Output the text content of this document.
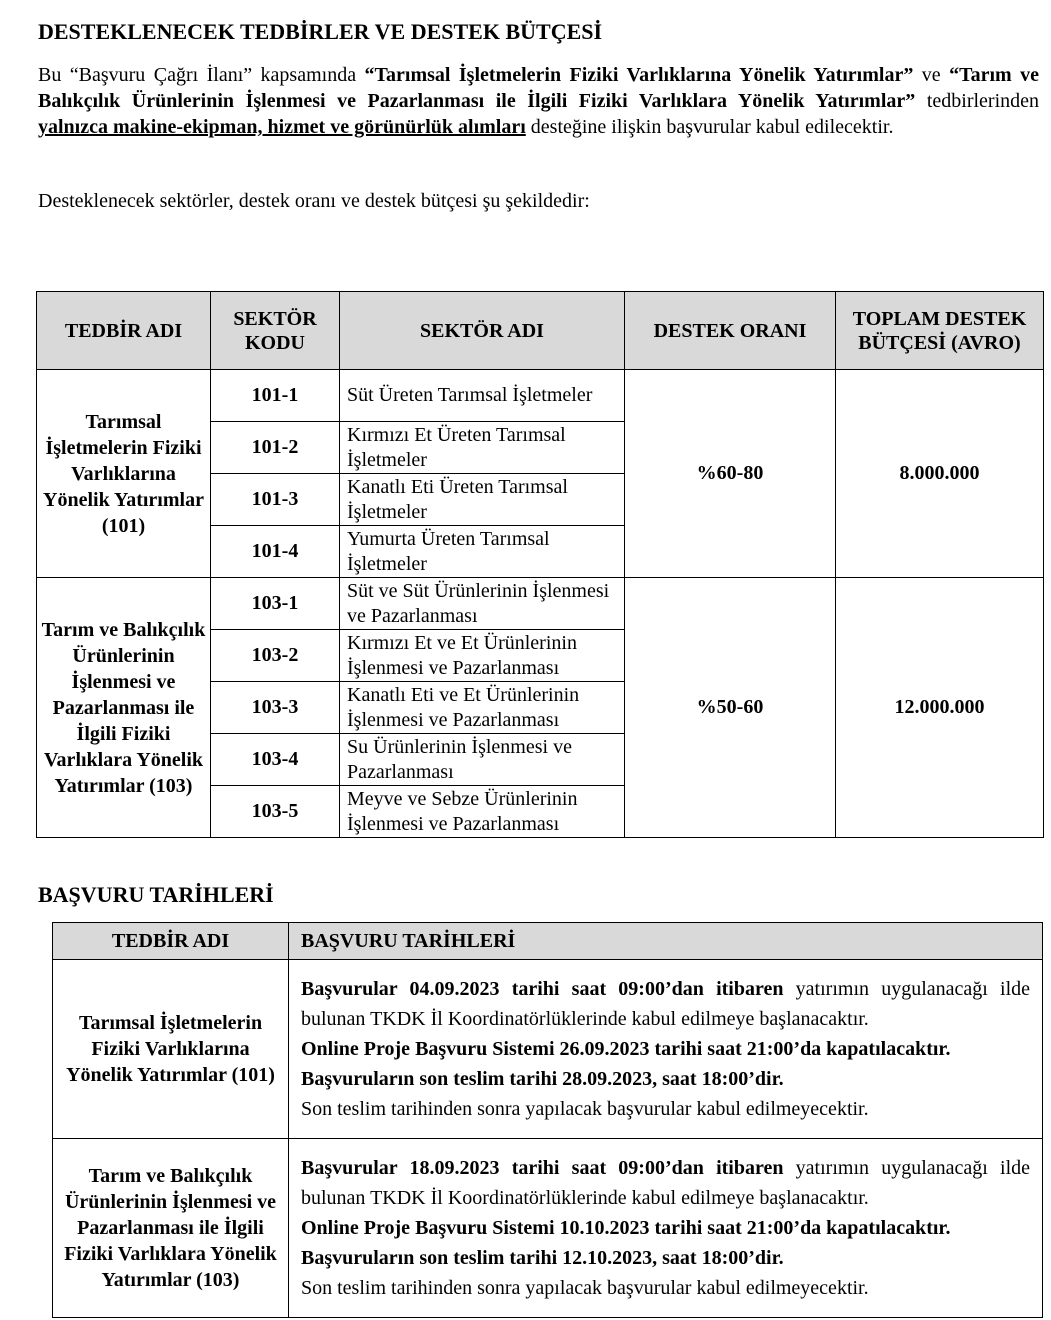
DESTEKLENECEK TEDBİRLER VE DESTEK BÜTÇESİ

Bu “Başvuru Çağrı İlanı” kapsamında “Tarımsal İşletmelerin Fiziki Varlıklarına Yönelik Yatırımlar” ve “Tarım ve Balıkçılık Ürünlerinin İşlenmesi ve Pazarlanması ile İlgili Fiziki Varlıklara Yönelik Yatırımlar” tedbirlerinden yalnızca makine-ekipman, hizmet ve görünürlük alımları desteğine ilişkin başvurular kabul edilecektir.

Desteklenecek sektörler, destek oranı ve destek bütçesi şu şekildedir:

TEDBİR ADI	SEKTÖR KODU	SEKTÖR ADI	DESTEK ORANI	TOPLAM DESTEK BÜTÇESİ (AVRO)
Tarımsal İşletmelerin Fiziki Varlıklarına Yönelik Yatırımlar (101)	101-1	Süt Üreten Tarımsal İşletmeler	%60-80	8.000.000
	101-2	Kırmızı Et Üreten Tarımsal İşletmeler		
	101-3	Kanatlı Eti Üreten Tarımsal İşletmeler		
	101-4	Yumurta Üreten Tarımsal İşletmeler		
Tarım ve Balıkçılık Ürünlerinin İşlenmesi ve Pazarlanması ile İlgili Fiziki Varlıklara Yönelik Yatırımlar (103)	103-1	Süt ve Süt Ürünlerinin İşlenmesi ve Pazarlanması	%50-60	12.000.000
	103-2	Kırmızı Et ve Et Ürünlerinin İşlenmesi ve Pazarlanması		
	103-3	Kanatlı Eti ve Et Ürünlerinin İşlenmesi ve Pazarlanması		
	103-4	Su Ürünlerinin İşlenmesi ve Pazarlanması		
	103-5	Meyve ve Sebze Ürünlerinin İşlenmesi ve Pazarlanması		
BAŞVURU TARİHLERİ
TEDBİR ADI	BAŞVURU TARİHLERİ
Tarımsal İşletmelerin Fiziki Varlıklarına Yönelik Yatırımlar (101)	Başvurular 04.09.2023 tarihi saat 09:00’dan itibaren yatırımın uygulanacağı ilde bulunan TKDK İl Koordinatörlüklerinde kabul edilmeye başlanacaktır.
Online Proje Başvuru Sistemi 26.09.2023 tarihi saat 21:00’da kapatılacaktır.
Başvuruların son teslim tarihi 28.09.2023, saat 18:00’dir.
Son teslim tarihinden sonra yapılacak başvurular kabul edilmeyecektir.

Tarım ve Balıkçılık Ürünlerinin İşlenmesi ve Pazarlanması ile İlgili Fiziki Varlıklara Yönelik Yatırımlar (103)	Başvurular 18.09.2023 tarihi saat 09:00’dan itibaren yatırımın uygulanacağı ilde bulunan TKDK İl Koordinatörlüklerinde kabul edilmeye başlanacaktır.
Online Proje Başvuru Sistemi 10.10.2023 tarihi saat 21:00’da kapatılacaktır.
Başvuruların son teslim tarihi 12.10.2023, saat 18:00’dir.
Son teslim tarihinden sonra yapılacak başvurular kabul edilmeyecektir.
